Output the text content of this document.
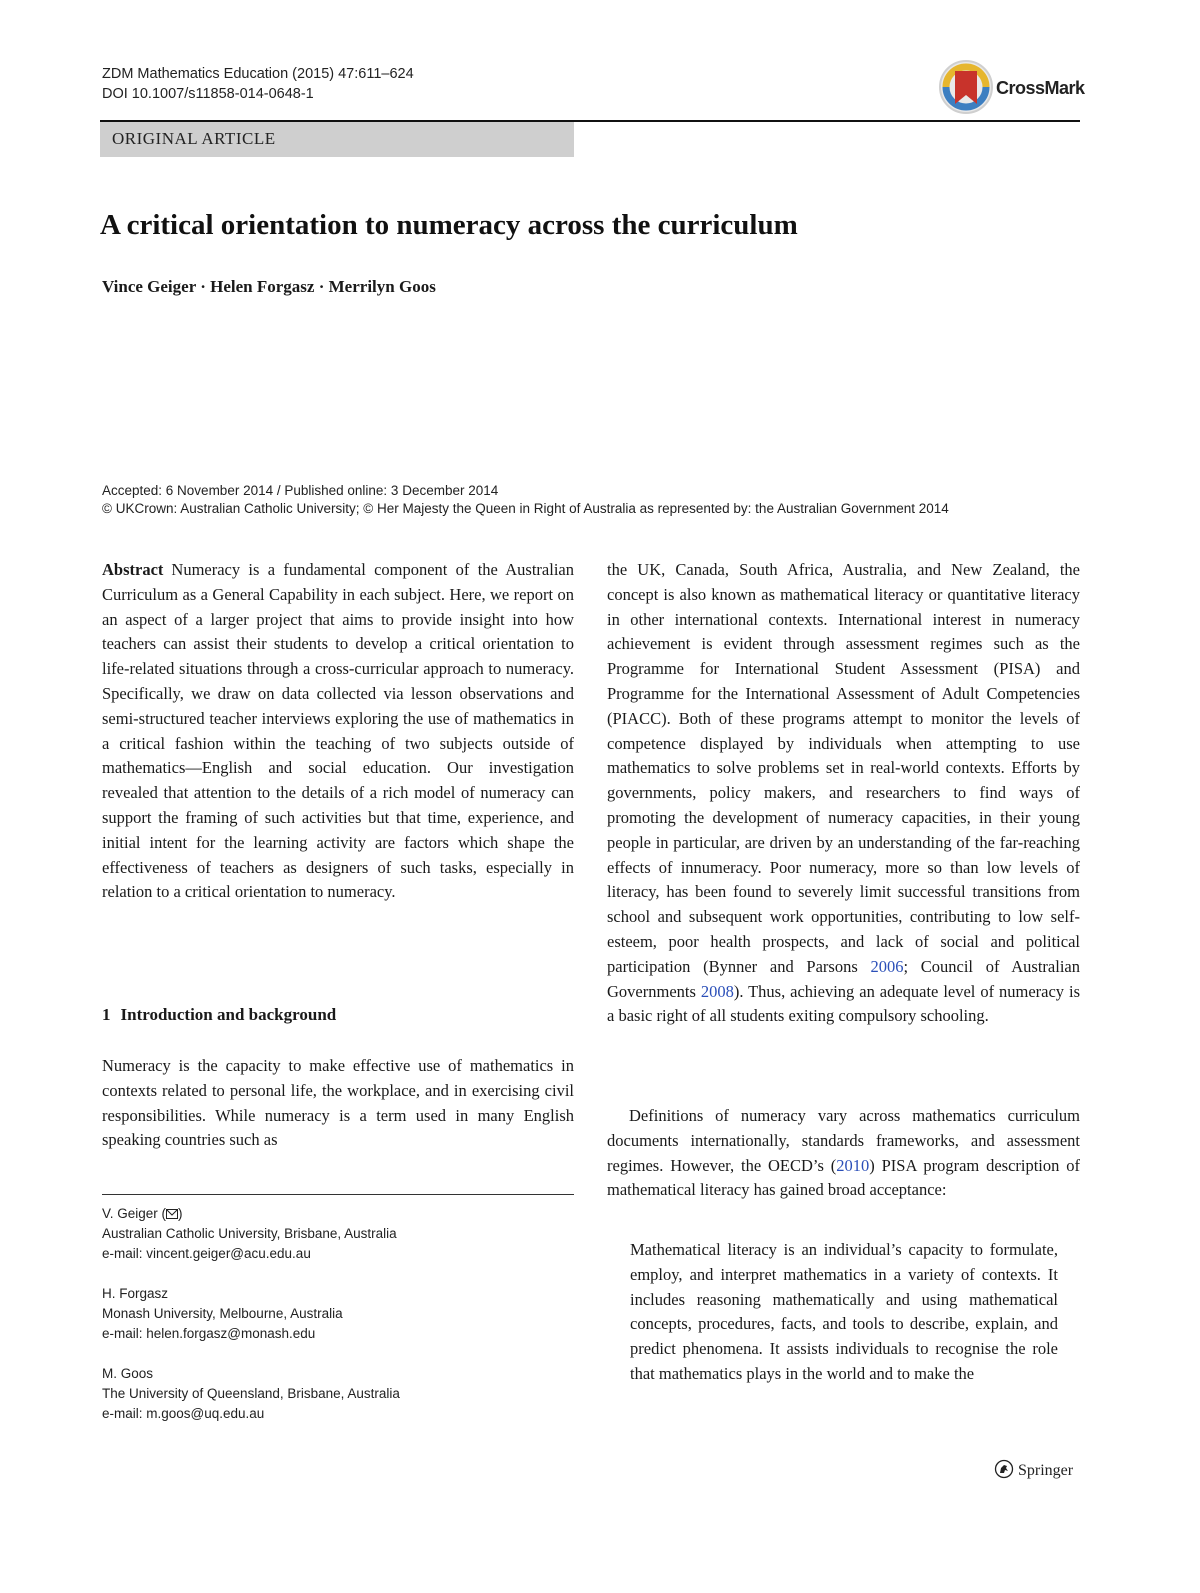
ZDM Mathematics Education (2015) 47:611–624
DOI 10.1007/s11858-014-0648-1	CrossMark
ORIGINAL ARTICLE
A critical orientation to numeracy across the curriculum
Vince Geiger · Helen Forgasz · Merrilyn Goos
Accepted: 6 November 2014 / Published online: 3 December 2014
© UKCrown: Australian Catholic University; © Her Majesty the Queen in Right of Australia as represented by: the Australian Government 2014

Abstract Numeracy is a fundamental component of the Australian Curriculum as a General Capability in each subject. Here, we report on an aspect of a larger project that aims to provide insight into how teachers can assist their students to develop a critical orientation to life-related situations through a cross-curricular approach to numeracy. Specifically, we draw on data collected via lesson observations and semi-structured teacher interviews exploring the use of mathematics in a critical fashion within the teaching of two subjects outside of mathematics—English and social education. Our investigation revealed that attention to the details of a rich model of numeracy can support the framing of such activities but that time, experience, and initial intent for the learning activity are factors which shape the effectiveness of teachers as designers of such tasks, especially in relation to a critical orientation to numeracy.

1 Introduction and background

Numeracy is the capacity to make effective use of mathematics in contexts related to personal life, the workplace, and in exercising civil responsibilities. While numeracy is a term used in many English speaking countries such as

V. Geiger ( )
Australian Catholic University, Brisbane, Australia
e-mail: vincent.geiger@acu.edu.au
H. Forgasz
Monash University, Melbourne, Australia
e-mail: helen.forgasz@monash.edu
M. Goos
The University of Queensland, Brisbane, Australia
e-mail: m.goos@uq.edu.au

the UK, Canada, South Africa, Australia, and New Zealand, the concept is also known as mathematical literacy or quantitative literacy in other international contexts. International interest in numeracy achievement is evident through assessment regimes such as the Programme for International Student Assessment (PISA) and Programme for the International Assessment of Adult Competencies (PIACC). Both of these programs attempt to monitor the levels of competence displayed by individuals when attempting to use mathematics to solve problems set in real-world contexts. Efforts by governments, policy makers, and researchers to find ways of promoting the development of numeracy capacities, in their young people in particular, are driven by an understanding of the far-reaching effects of innumeracy. Poor numeracy, more so than low levels of literacy, has been found to severely limit successful transitions from school and subsequent work opportunities, contributing to low self-esteem, poor health prospects, and lack of social and political participation (Bynner and Parsons 2006; Council of Australian Governments 2008). Thus, achieving an adequate level of numeracy is a basic right of all students exiting compulsory schooling.

Definitions of numeracy vary across mathematics curriculum documents internationally, standards frameworks, and assessment regimes. However, the OECD’s (2010) PISA program description of mathematical literacy has gained broad acceptance:

Mathematical literacy is an individual’s capacity to formulate, employ, and interpret mathematics in a variety of contexts. It includes reasoning mathematically and using mathematical concepts, procedures, facts, and tools to describe, explain, and predict phenomena. It assists individuals to recognise the role that mathematics plays in the world and to make the

Springer
